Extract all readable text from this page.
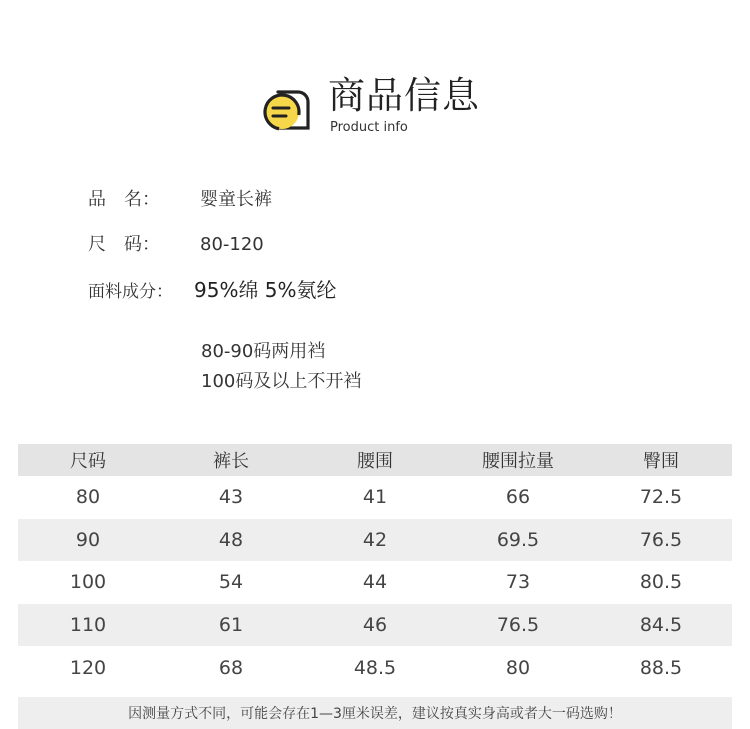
商品信息
Product info
品　名： 婴童长裤
尺　码： 80-120
面料成分： 95%绵 5%氨纶
80-90码两用裆
100码及以上不开裆
尺码	裤长	腰围	腰围拉量	臀围
80	43	41	66	72.5
90	48	42	69.5	76.5
100	54	44	73	80.5
110	61	46	76.5	84.5
120	68	48.5	80	88.5
因测量方式不同，可能会存在1—3厘米误差，建议按真实身高或者大一码选购！
